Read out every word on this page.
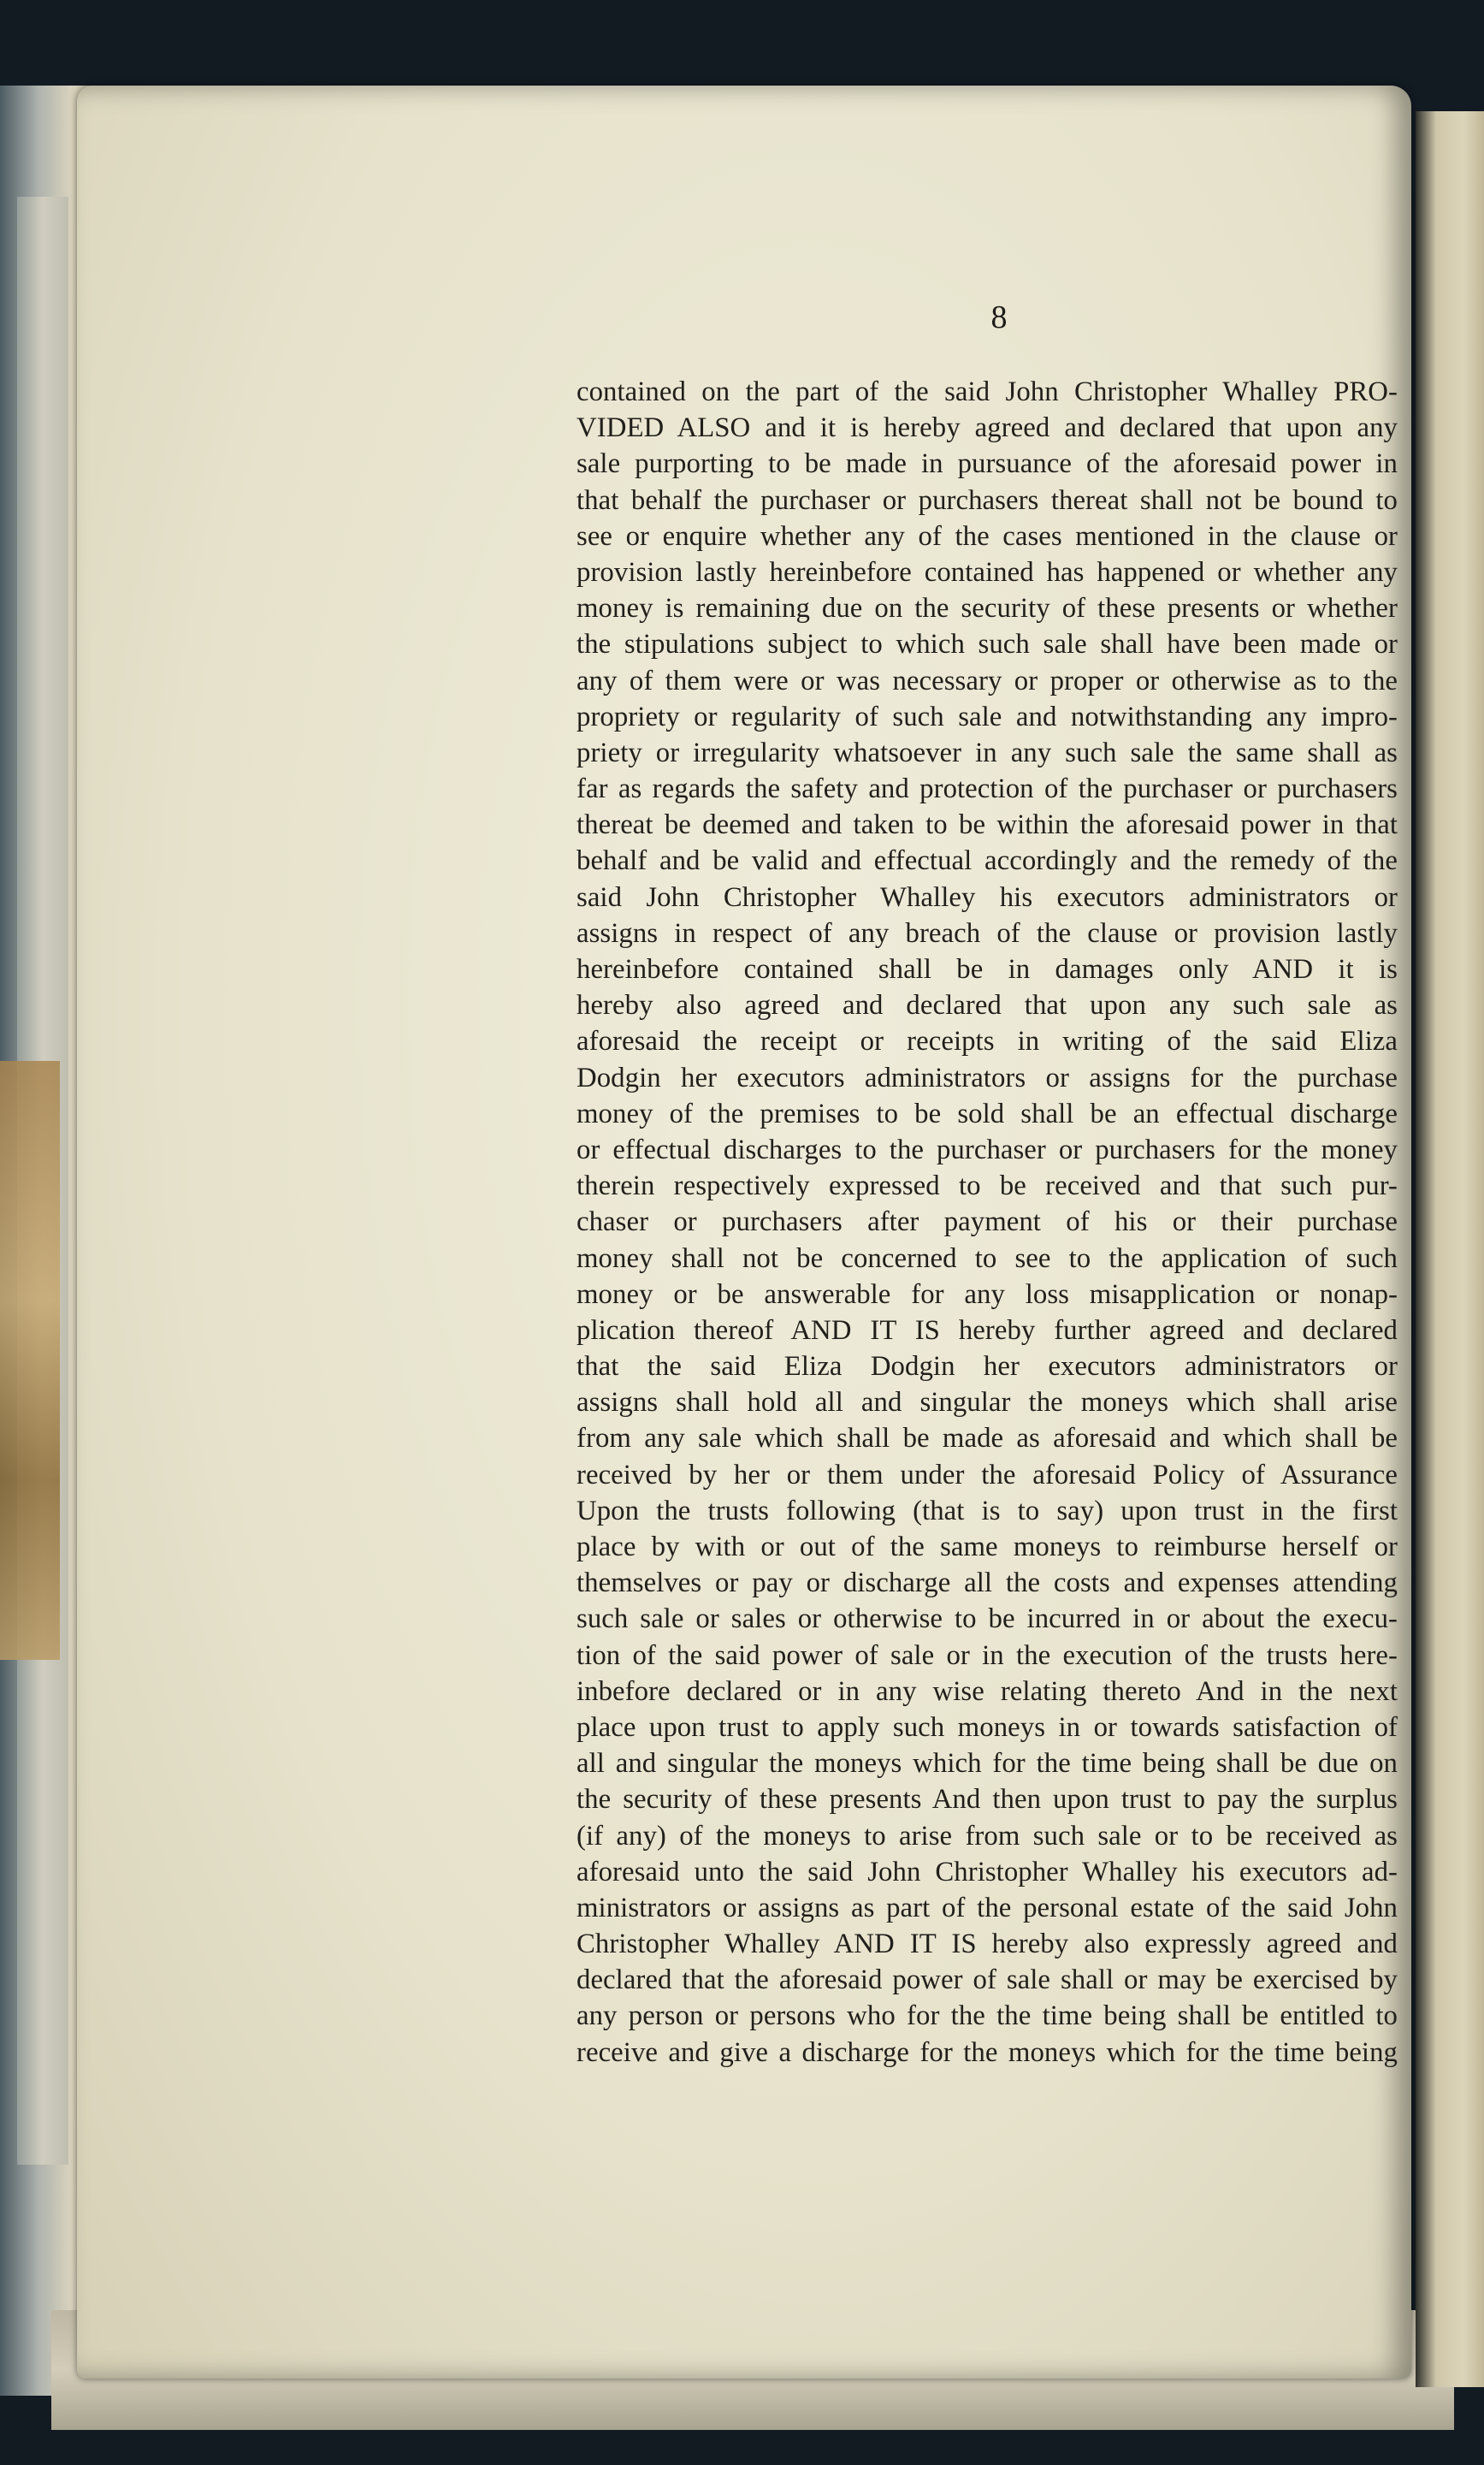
8
contained on the part of the said John Christopher Whalley PRO-
VIDED ALSO and it is hereby agreed and declared that upon any
sale purporting to be made in pursuance of the aforesaid power in
that behalf the purchaser or purchasers thereat shall not be bound to
see or enquire whether any of the cases mentioned in the clause or
provision lastly hereinbefore contained has happened or whether any
money is remaining due on the security of these presents or whether
the stipulations subject to which such sale shall have been made or
any of them were or was necessary or proper or otherwise as to the
propriety or regularity of such sale and notwithstanding any impro-
priety or irregularity whatsoever in any such sale the same shall as
far as regards the safety and protection of the purchaser or purchasers
thereat be deemed and taken to be within the aforesaid power in that
behalf and be valid and effectual accordingly and the remedy of the
said John Christopher Whalley his executors administrators or
assigns in respect of any breach of the clause or provision lastly
hereinbefore contained shall be in damages only AND it is
hereby also agreed and declared that upon any such sale as
aforesaid the receipt or receipts in writing of the said Eliza
Dodgin her executors administrators or assigns for the purchase
money of the premises to be sold shall be an effectual discharge
or effectual discharges to the purchaser or purchasers for the money
therein respectively expressed to be received and that such pur-
chaser or purchasers after payment of his or their purchase
money shall not be concerned to see to the application of such
money or be answerable for any loss misapplication or nonap-
plication thereof AND IT IS hereby further agreed and declared
that the said Eliza Dodgin her executors administrators or
assigns shall hold all and singular the moneys which shall arise
from any sale which shall be made as aforesaid and which shall be
received by her or them under the aforesaid Policy of Assurance
Upon the trusts following (that is to say) upon trust in the first
place by with or out of the same moneys to reimburse herself or
themselves or pay or discharge all the costs and expenses attending
such sale or sales or otherwise to be incurred in or about the execu-
tion of the said power of sale or in the execution of the trusts here-
inbefore declared or in any wise relating thereto And in the next
place upon trust to apply such moneys in or towards satisfaction of
all and singular the moneys which for the time being shall be due on
the security of these presents And then upon trust to pay the surplus
(if any) of the moneys to arise from such sale or to be received as
aforesaid unto the said John Christopher Whalley his executors ad-
ministrators or assigns as part of the personal estate of the said John
Christopher Whalley AND IT IS hereby also expressly agreed and
declared that the aforesaid power of sale shall or may be exercised by
any person or persons who for the the time being shall be entitled to
receive and give a discharge for the moneys which for the time being
